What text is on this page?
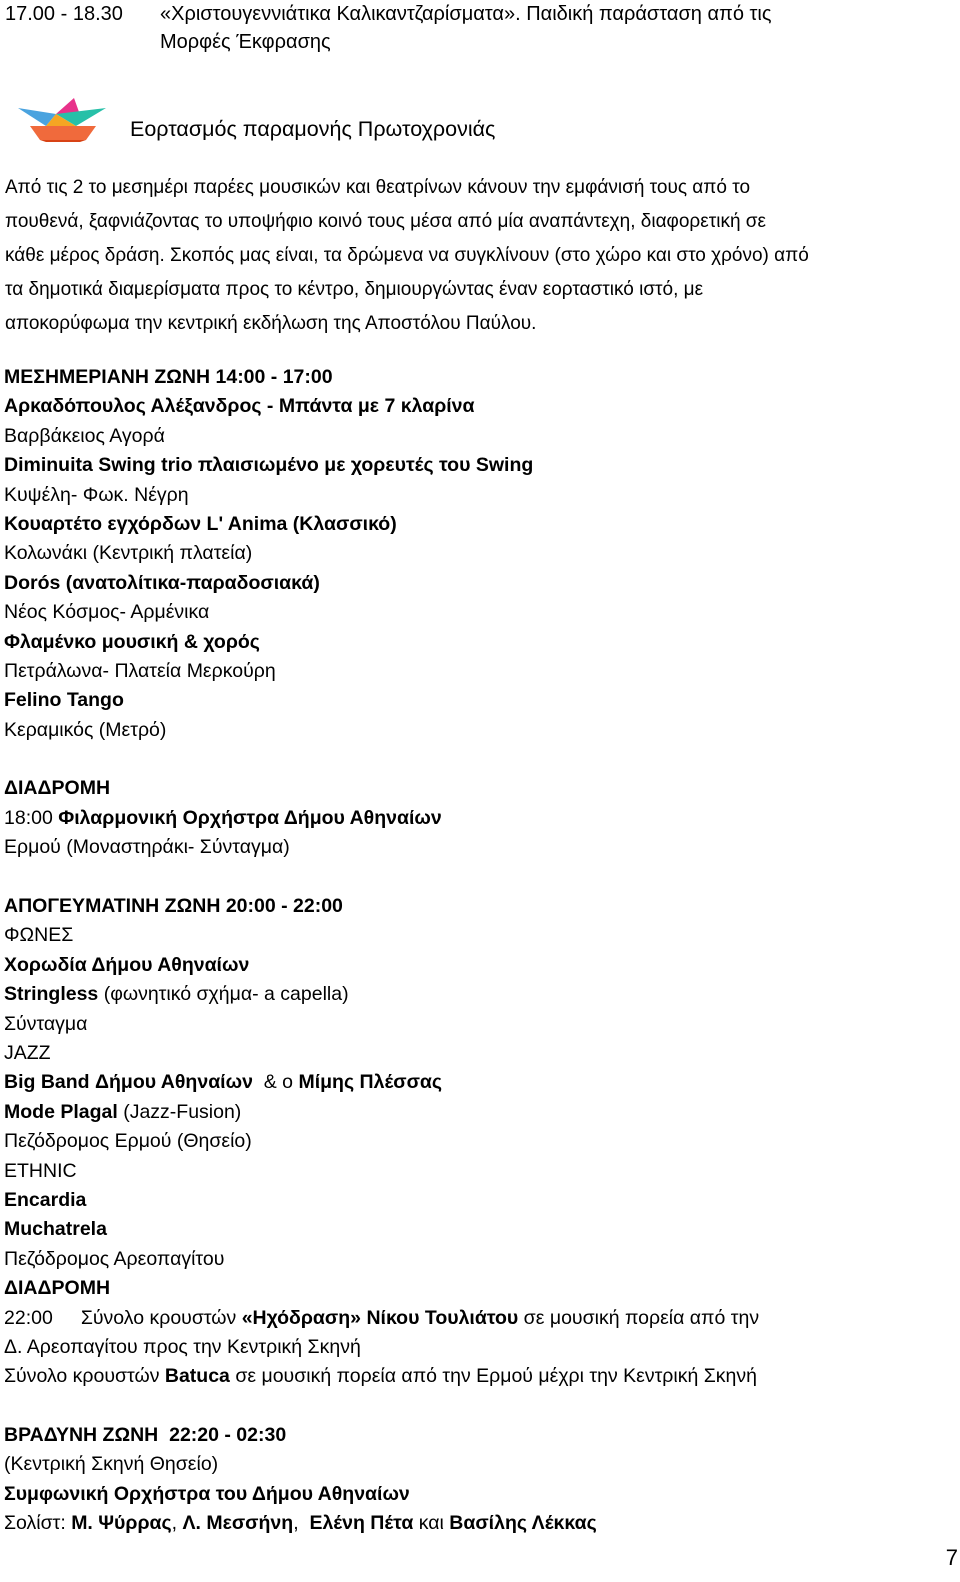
17.00 - 18.30 «Χριστουγεννιάτικα Καλικαντζαρίσματα». Παιδική παράσταση από τις
Μορφές Έκφρασης
Εορτασμός παραμονής Πρωτοχρονιάς
Από τις 2 το μεσημέρι παρέες μουσικών και θεατρίνων κάνουν την εμφάνισή τους από το
πουθενά, ξαφνιάζοντας το υποψήφιο κοινό τους μέσα από μία αναπάντεχη, διαφορετική σε
κάθε μέρος δράση. Σκοπός μας είναι, τα δρώμενα να συγκλίνουν (στο χώρο και στο χρόνο) από
τα δημοτικά διαμερίσματα προς το κέντρο, δημιουργώντας έναν εορταστικό ιστό, με
αποκορύφωμα την κεντρική εκδήλωση της Αποστόλου Παύλου.
ΜΕΣΗΜΕΡΙΑΝΗ ΖΩΝΗ 14:00 - 17:00
Αρκαδόπουλος Αλέξανδρος - Μπάντα με 7 κλαρίνα
Βαρβάκειος Αγορά
Diminuita Swing trio πλαισιωμένο με χορευτές του Swing
Κυψέλη- Φωκ. Νέγρη
Κουαρτέτο εγχόρδων L' Anima (Κλασσικό)
Κολωνάκι (Κεντρική πλατεία)
Dorós (ανατολίτικα-παραδοσιακά)
Νέος Κόσμος- Αρμένικα
Φλαμένκο μουσική & χορός
Πετράλωνα- Πλατεία Μερκούρη
Felino Tango
Κεραμικός (Μετρό)
ΔΙΑΔΡΟΜΗ
18:00 Φιλαρμονική Ορχήστρα Δήμου Αθηναίων
Ερμού (Μοναστηράκι- Σύνταγμα)
ΑΠΟΓΕΥΜΑΤΙΝΗ ΖΩΝΗ 20:00 - 22:00
ΦΩΝΕΣ
Χορωδία Δήμου Αθηναίων
Stringless (φωνητικό σχήμα- a capella)
Σύνταγμα
JAZZ
Big Band Δήμου Αθηναίων  & ο Μίμης Πλέσσας
Mode Plagal (Jazz-Fusion)
Πεζόδρομος Ερμού (Θησείο)
ETHNIC
Encardia
Muchatrela
Πεζόδρομος Αρεοπαγίτου
ΔΙΑΔΡΟΜΗ
22:00 Σύνολο κρουστών «Ηχόδραση» Νίκου Τουλιάτου σε μουσική πορεία από την
Δ. Αρεοπαγίτου προς την Κεντρική Σκηνή
Σύνολο κρουστών Batuca σε μουσική πορεία από την Ερμού μέχρι την Κεντρική Σκηνή
ΒΡΑΔΥΝΗ ΖΩΝΗ  22:20 - 02:30
(Κεντρική Σκηνή Θησείο)
Συμφωνική Ορχήστρα του Δήμου Αθηναίων
Σολίστ: Μ. Ψύρρας, Λ. Μεσσήνη,  Ελένη Πέτα και Βασίλης Λέκκας
7
